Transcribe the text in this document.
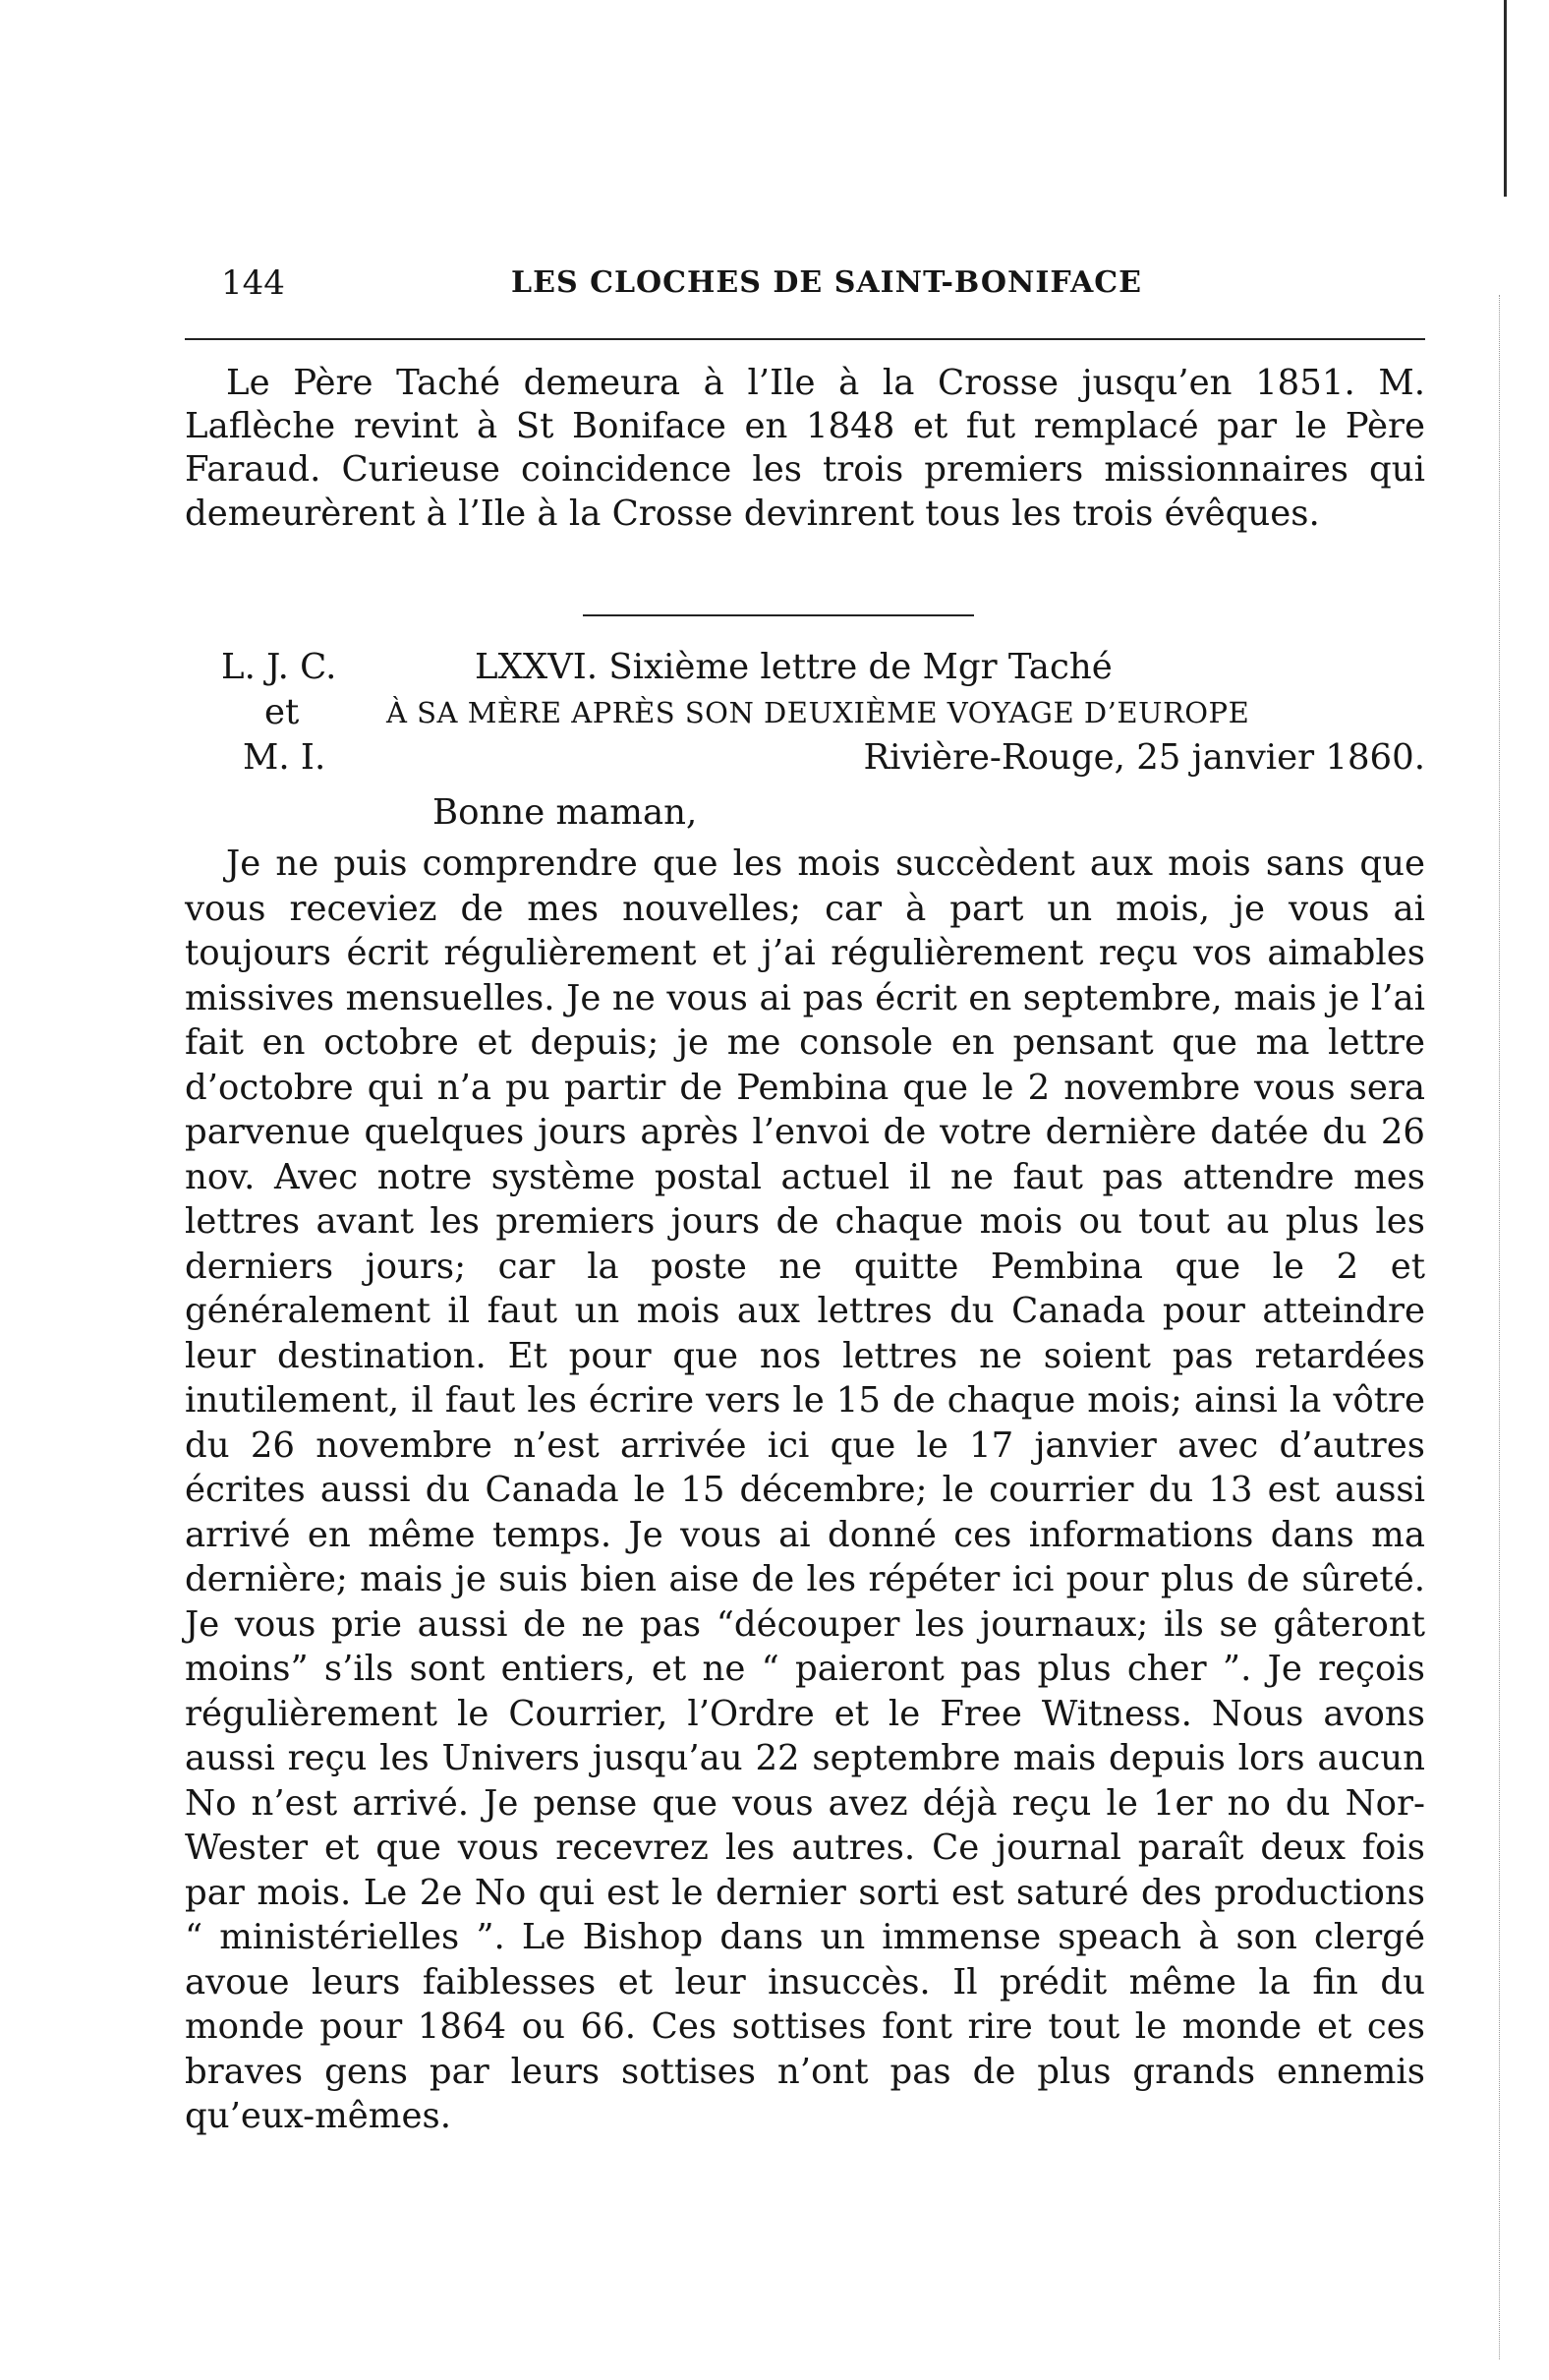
144	LES CLOCHES DE SAINT-BONIFACE

Le Père Taché demeura à l’Ile à la Crosse jusqu’en 1851. M. Laflèche revint à St Boniface en 1848 et fut remplacé par le Père Faraud. Curieuse coincidence les trois premiers missionnaires qui demeurèrent à l’Ile à la Crosse devinrent tous les trois évêques.

L. J. C.	LXXVI. Sixième lettre de Mgr Taché
et	À SA MÈRE APRÈS SON DEUXIÈME VOYAGE D’EUROPE
M. I.	Rivière-Rouge, 25 janvier 1860.
Bonne maman,

Je ne puis comprendre que les mois succèdent aux mois sans que vous receviez de mes nouvelles; car à part un mois, je vous ai toujours écrit régulièrement et j’ai régulièrement reçu vos aimables missives mensuelles. Je ne vous ai pas écrit en septembre, mais je l’ai fait en octobre et depuis; je me console en pensant que ma lettre d’octobre qui n’a pu partir de Pembina que le 2 novembre vous sera parvenue quelques jours après l’envoi de votre dernière datée du 26 nov. Avec notre système postal actuel il ne faut pas attendre mes lettres avant les premiers jours de chaque mois ou tout au plus les derniers jours; car la poste ne quitte Pembina que le 2 et généralement il faut un mois aux lettres du Canada pour atteindre leur destination. Et pour que nos lettres ne soient pas retardées inutilement, il faut les écrire vers le 15 de chaque mois; ainsi la vôtre du 26 novembre n’est arrivée ici que le 17 janvier avec d’autres écrites aussi du Canada le 15 décembre; le courrier du 13 est aussi arrivé en même temps. Je vous ai donné ces informations dans ma dernière; mais je suis bien aise de les répéter ici pour plus de sûreté. Je vous prie aussi de ne pas “découper les journaux; ils se gâteront moins” s’ils sont entiers, et ne “ paieront pas plus cher ”. Je reçois régulièrement le Courrier, l’Ordre et le Free Witness. Nous avons aussi reçu les Univers jusqu’au 22 septembre mais depuis lors aucun No n’est arrivé. Je pense que vous avez déjà reçu le 1er no du Nor-Wester et que vous recevrez les autres. Ce journal paraît deux fois par mois. Le 2e No qui est le dernier sorti est saturé des productions “ ministérielles ”. Le Bishop dans un immense speach à son clergé avoue leurs faiblesses et leur insuccès. Il prédit même la fin du monde pour 1864 ou 66. Ces sottises font rire tout le monde et ces braves gens par leurs sottises n’ont pas de plus grands ennemis qu’eux-mêmes.
